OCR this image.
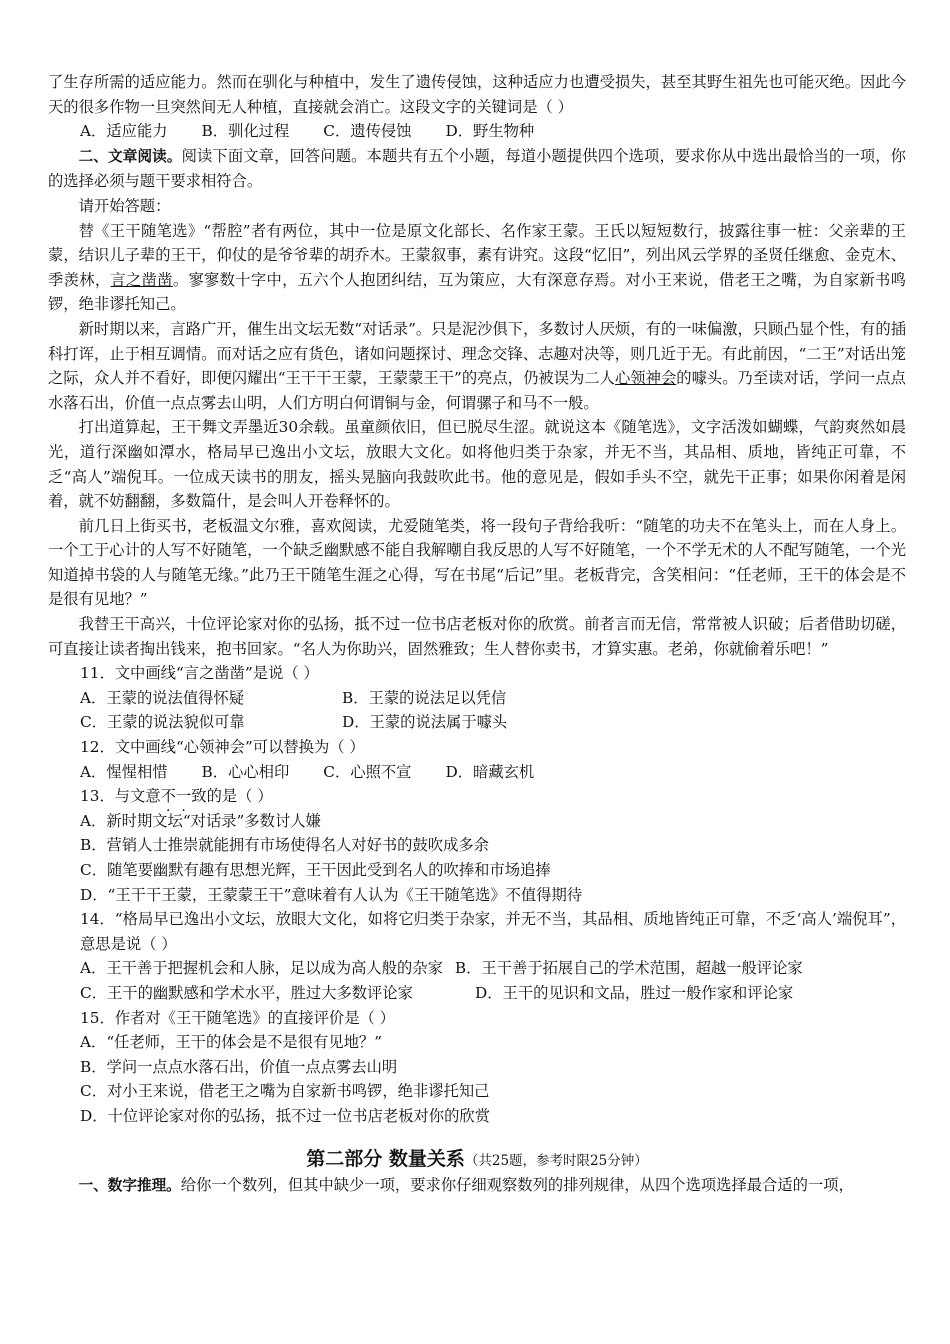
了生存所需的适应能力。然而在驯化与种植中，发生了遗传侵蚀，这种适应力也遭受损失，甚至其野生祖先也可能灭绝。因此今天的很多作物一旦突然间无人种植，直接就会消亡。这段文字的关键词是（ ）

A．适应能力 B．驯化过程 C．遗传侵蚀 D．野生物种

二、文章阅读。阅读下面文章，回答问题。本题共有五个小题，每道小题提供四个选项，要求你从中选出最恰当的一项，你的选择必须与题干要求相符合。

请开始答题：

替《王干随笔选》“帮腔”者有两位，其中一位是原文化部长、名作家王蒙。王氏以短短数行，披露往事一桩：父亲辈的王蒙，结识儿子辈的王干，仰仗的是爷爷辈的胡乔木。王蒙叙事，素有讲究。这段“忆旧”，列出风云学界的圣贤任继愈、金克木、季羡林，言之凿凿。寥寥数十字中，五六个人抱团纠结，互为策应，大有深意存焉。对小王来说，借老王之嘴，为自家新书鸣锣，绝非谬托知己。

新时期以来，言路广开，催生出文坛无数“对话录”。只是泥沙俱下，多数讨人厌烦，有的一味偏激，只顾凸显个性，有的插科打诨，止于相互调情。而对话之应有货色，诸如问题探讨、理念交锋、志趣对决等，则几近于无。有此前因，“二王”对话出笼之际，众人并不看好，即便闪耀出“王干干王蒙，王蒙蒙王干”的亮点，仍被误为二人心领神会的噱头。乃至读对话，学问一点点水落石出，价值一点点雾去山明，人们方明白何谓铜与金，何谓骡子和马不一般。

打出道算起，王干舞文弄墨近30余载。虽童颜依旧，但已脱尽生涩。就说这本《随笔选》，文字活泼如蝴蝶，气韵爽然如晨光，道行深幽如潭水，格局早已逸出小文坛，放眼大文化。如将他归类于杂家，并无不当，其品相、质地，皆纯正可靠，不乏“高人”端倪耳。一位成天读书的朋友，摇头晃脑向我鼓吹此书。他的意见是，假如手头不空，就先干正事；如果你闲着是闲着，就不妨翻翻，多数篇什，是会叫人开卷释怀的。

前几日上街买书，老板温文尔雅，喜欢阅读，尤爱随笔类，将一段句子背给我听：“随笔的功夫不在笔头上，而在人身上。一个工于心计的人写不好随笔，一个缺乏幽默感不能自我解嘲自我反思的人写不好随笔，一个不学无术的人不配写随笔，一个光知道掉书袋的人与随笔无缘。”此乃王干随笔生涯之心得，写在书尾“后记”里。老板背完，含笑相问：“任老师，王干的体会是不是很有见地？”

我替王干高兴，十位评论家对你的弘扬，抵不过一位书店老板对你的欣赏。前者言而无信，常常被人识破；后者借助切磋，可直接让读者掏出钱来，抱书回家。“名人为你助兴，固然雅致；生人替你卖书，才算实惠。老弟，你就偷着乐吧！”

11．文中画线“言之凿凿”是说（ ）

A．王蒙的说法值得怀疑	B．王蒙的说法足以凭信
C．王蒙的说法貌似可靠	D．王蒙的说法属于噱头

12．文中画线“心领神会”可以替换为（ ）

A．惺惺相惜 B．心心相印 C．心照不宣 D．暗藏玄机

13．与文意不一致的是（ ）

A．新时期文坛“对话录”多数讨人嫌

B．营销人士推崇就能拥有市场使得名人对好书的鼓吹成多余

C．随笔要幽默有趣有思想光辉，王干因此受到名人的吹捧和市场追捧

D．“王干干王蒙，王蒙蒙王干”意味着有人认为《王干随笔选》不值得期待

14．“格局早已逸出小文坛，放眼大文化，如将它归类于杂家，并无不当，其品相、质地皆纯正可靠，不乏‘高人’端倪耳”，意思是说（ ）

A．王干善于把握机会和人脉，足以成为高人般的杂家 B．王干善于拓展自己的学术范围，超越一般评论家
C．王干的幽默感和学术水平，胜过大多数评论家	D．王干的见识和文品，胜过一般作家和评论家

15．作者对《王干随笔选》的直接评价是（ ）

A．“任老师，王干的体会是不是很有见地？”

B．学问一点点水落石出，价值一点点雾去山明

C．对小王来说，借老王之嘴为自家新书鸣锣，绝非谬托知己

D．十位评论家对你的弘扬，抵不过一位书店老板对你的欣赏

第二部分 数量关系（共25题，参考时限25分钟）

一、数字推理。给你一个数列，但其中缺少一项，要求你仔细观察数列的排列规律，从四个选项选择最合适的一项，
